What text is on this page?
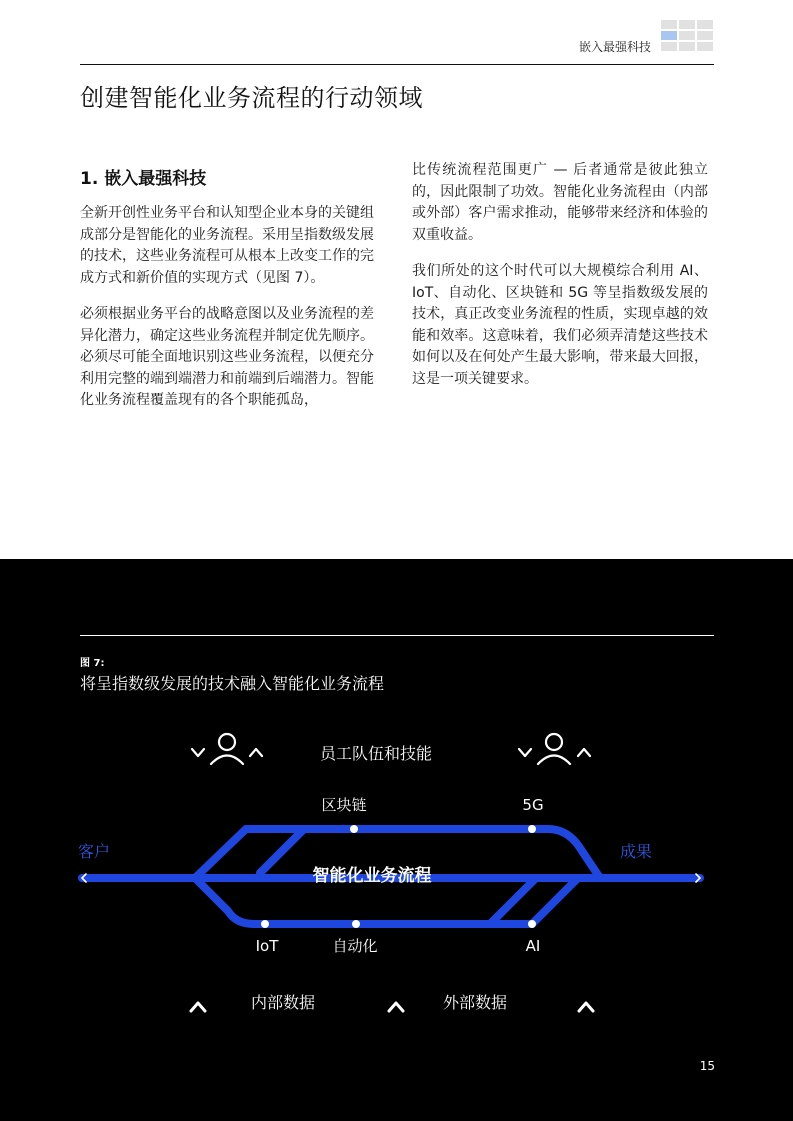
嵌入最强科技
创建智能化业务流程的行动领域
1. 嵌入最强科技

全新开创性业务平台和认知型企业本身的关键组成部分是智能化的业务流程。采用呈指数级发展的技术，这些业务流程可从根本上改变工作的完成方式和新价值的实现方式（见图 7）。

必须根据业务平台的战略意图以及业务流程的差异化潜力，确定这些业务流程并制定优先顺序。必须尽可能全面地识别这些业务流程，以便充分利用完整的端到端潜力和前端到后端潜力。智能化业务流程覆盖现有的各个职能孤岛，

比传统流程范围更广 — 后者通常是彼此独立的，因此限制了功效。智能化业务流程由（内部或外部）客户需求推动，能够带来经济和体验的双重收益。

我们所处的这个时代可以大规模综合利用 AI、IoT、自动化、区块链和 5G 等呈指数级发展的技术，真正改变业务流程的性质，实现卓越的效能和效率。这意味着，我们必须弄清楚这些技术如何以及在何处产生最大影响，带来最大回报，这是一项关键要求。

图 7:
将呈指数级发展的技术融入智能化业务流程
员工队伍和技能
区块链	5G
客户	成果
智能化业务流程
IoT	自动化	AI
内部数据	外部数据
15
